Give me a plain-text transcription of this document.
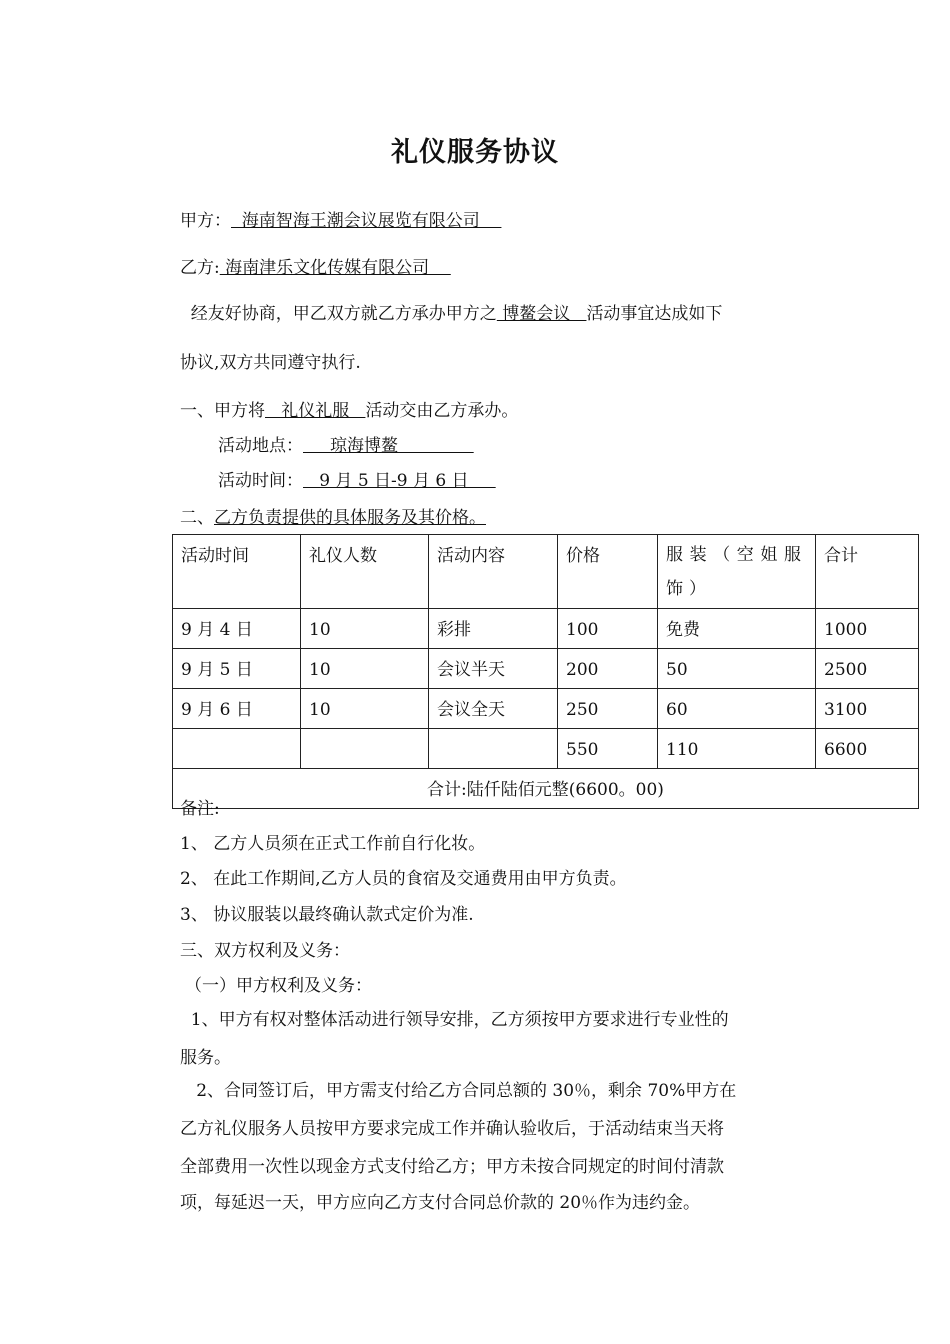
礼仪服务协议
甲方：  海南智海王潮会议展览有限公司
乙方: 海南津乐文化传媒有限公司
经友好协商，甲乙双方就乙方承办甲方之 博鳌会议   活动事宜达成如下
协议,双方共同遵守执行.
一、甲方将   礼仪礼服   活动交由乙方承办。
活动地点：     琼海博鳌
活动时间：   9 月 5 日-9 月 6 日
二、乙方负责提供的具体服务及其价格。
活动时间	礼仪人数	活动内容	价格	服装（空姐服饰）	合计
9 月 4 日	10	彩排	100	免费	1000
9 月 5 日	10	会议半天	200	50	2500
9 月 6 日	10	会议全天	250	60	3100
			550	110	6600
合计:陆仟陆佰元整(6600。00)					
备注:
1、 乙方人员须在正式工作前自行化妆。
2、 在此工作期间,乙方人员的食宿及交通费用由甲方负责。
3、 协议服装以最终确认款式定价为准.
三、双方权利及义务：
（一）甲方权利及义务：
1、甲方有权对整体活动进行领导安排，乙方须按甲方要求进行专业性的
服务。
2、合同签订后，甲方需支付给乙方合同总额的 30％，剩余 70%甲方在
乙方礼仪服务人员按甲方要求完成工作并确认验收后，于活动结束当天将
全部费用一次性以现金方式支付给乙方；甲方未按合同规定的时间付清款
项，每延迟一天，甲方应向乙方支付合同总价款的 20％作为违约金。
